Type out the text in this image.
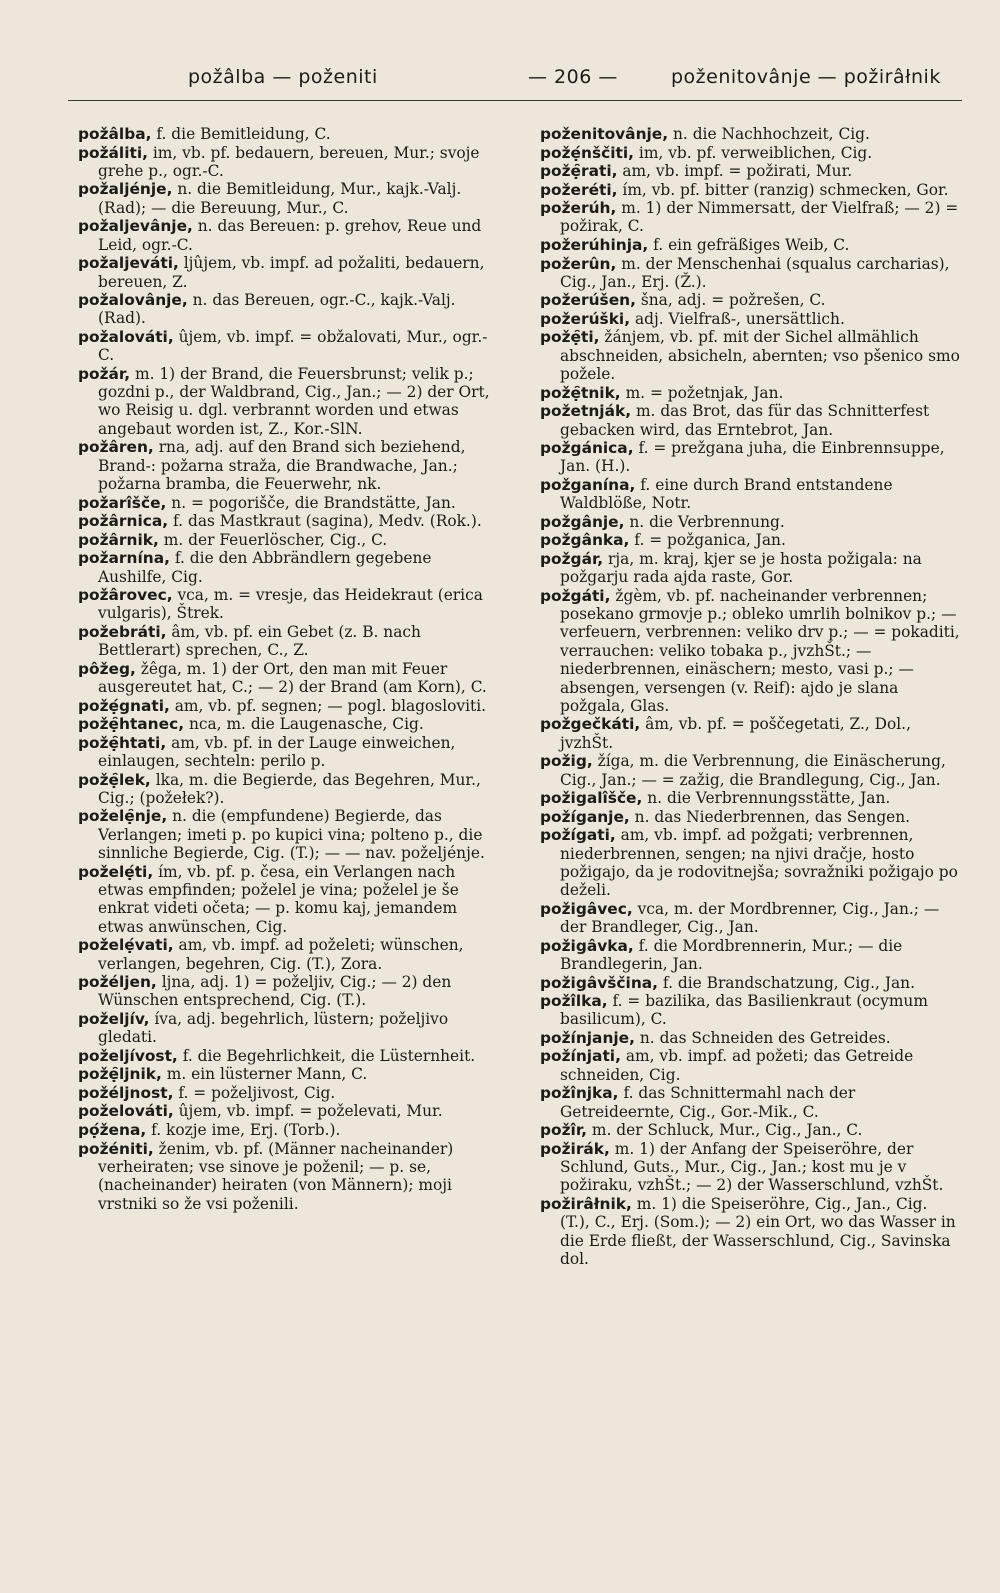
požâlba — poženiti	— 206 —	poženitovânje — požirâłnik

požâlba, f. die Bemitleidung, C.

požáliti, im, vb. pf. bedauern, bereuen, Mur.; svoje grehe p., ogr.-C.

požaljénje, n. die Bemitleidung, Mur., kajk.-Valj.(Rad); — die Bereuung, Mur., C.

požaljevânje, n. das Bereuen: p. grehov, Reue und Leid, ogr.-C.

požaljeváti, ljûjem, vb. impf. ad požaliti, bedauern, bereuen, Z.

požalovânje, n. das Bereuen, ogr.-C., kajk.-Valj. (Rad).

požalováti, ûjem, vb. impf. = obžalovati, Mur., ogr.-C.

požár, m. 1) der Brand, die Feuersbrunst; velik p.; gozdni p., der Waldbrand, Cig., Jan.; — 2) der Ort, wo Reisig u. dgl. verbrannt worden und etwas angebaut worden ist, Z., Kor.-SlN.

požâren, rna, adj. auf den Brand sich beziehend, Brand-: požarna straža, die Brandwache, Jan.; požarna bramba, die Feuerwehr, nk.

požarîšče, n. = pogorišče, die Brandstätte, Jan.

požârnica, f. das Mastkraut (sagina), Medv. (Rok.).

požârnik, m. der Feuerlöscher, Cig., C.

požarnína, f. die den Abbrändlern gegebene Aushilfe, Cig.

požârovec, vca, m. = vresje, das Heidekraut (erica vulgaris), Štrek.

požebráti, âm, vb. pf. ein Gebet (z. B. nach Bettlerart) sprechen, C., Z.

pôžeg, žêga, m. 1) der Ort, den man mit Feuer ausgereutet hat, C.; — 2) der Brand (am Korn), C.

požẹ́gnati, am, vb. pf. segnen; — pogl. blagosloviti.

požẹ̑htanec, nca, m. die Laugenasche, Cig.

požẹ̑htati, am, vb. pf. in der Lauge einweichen, einlaugen, sechteln: perilo p.

požẹ̑lek, lka, m. die Begierde, das Begehren, Mur., Cig.; (požełek?).

poželẹ̑nje, n. die (empfundene) Begierde, das Verlangen; imeti p. po kupici vina; polteno p., die sinnliche Begierde, Cig. (T.); — — nav. poželjénje.

poželẹ́ti, ím, vb. pf. p. česa, ein Verlangen nach etwas empfinden; poželel je vina; poželel je še enkrat videti očeta; — p. komu kaj, jemandem etwas anwünschen, Cig.

poželẹ́vati, am, vb. impf. ad poželeti; wünschen, verlangen, begehren, Cig. (T.), Zora.

požéljen, ljna, adj. 1) = poželjiv, Cig.; — 2) den Wünschen entsprechend, Cig. (T.).

poželjív, íva, adj. begehrlich, lüstern; poželjivo gledati.

poželjívost, f. die Begehrlichkeit, die Lüsternheit.

požẹ̑ljnik, m. ein lüsterner Mann, C.

požéljnost, f. = poželjivost, Cig.

poželováti, ûjem, vb. impf. = poželevati, Mur.

pọ́žena, f. kozje ime, Erj. (Torb.).

požéniti, ženim, vb. pf. (Männer nacheinander) verheiraten; vse sinove je poženil; — p. se, (nacheinander) heiraten (von Männern); moji vrstniki so že vsi poženili.

poženitovânje, n. die Nachhochzeit, Cig.

požẹ́nščiti, im, vb. pf. verweiblichen, Cig.

požẹ̑rati, am, vb. impf. = požirati, Mur.

požeréti, ím, vb. pf. bitter (ranzig) schmecken, Gor.

požerúh, m. 1) der Nimmersatt, der Vielfraß; — 2) = požirak, C.

požerúhinja, f. ein gefräßiges Weib, C.

požerûn, m. der Menschenhai (squalus carcharias), Cig., Jan., Erj. (Ž.).

požerúšen, šna, adj. = požrešen, C.

požerúški, adj. Vielfraß-, unersättlich.

požẹ̑ti, žánjem, vb. pf. mit der Sichel allmählich abschneiden, absicheln, abernten; vso pšenico smo požele.

požẹ̑tnik, m. = požetnjak, Jan.

požetnják, m. das Brot, das für das Schnitterfest gebacken wird, das Erntebrot, Jan.

požgánica, f. = prežgana juha, die Einbrennsuppe, Jan. (H.).

požganína, f. eine durch Brand entstandene Waldblöße, Notr.

požgânje, n. die Verbrennung.

požgânka, f. = požganica, Jan.

požgár, rja, m. kraj, kjer se je hosta požigala: na požgarju rada ajda raste, Gor.

požgáti, žgèm, vb. pf. nacheinander verbrennen; posekano grmovje p.; obleko umrlih bolnikov p.; — verfeuern, verbrennen: veliko drv p.; — = pokaditi, verrauchen: veliko tobaka p., jvzhŠt.; — niederbrennen, einäschern; mesto, vasi p.; — absengen, versengen (v. Reif): ajdo je slana požgala, Glas.

požgečkáti, âm, vb. pf. = poščegetati, Z., Dol., jvzhŠt.

požig, žíga, m. die Verbrennung, die Einäscherung, Cig., Jan.; — = zažig, die Brandlegung, Cig., Jan.

požigalîšče, n. die Verbrennungsstätte, Jan.

požíganje, n. das Niederbrennen, das Sengen.

požígati, am, vb. impf. ad požgati; verbrennen, niederbrennen, sengen; na njivi dračje, hosto požigajo, da je rodovitnejša; sovražniki požigajo po deželi.

požigâvec, vca, m. der Mordbrenner, Cig., Jan.; — der Brandleger, Cig., Jan.

požigâvka, f. die Mordbrennerin, Mur.; — die Brandlegerin, Jan.

požigâvščina, f. die Brandschatzung, Cig., Jan.

požîlka, f. = bazilika, das Basilienkraut (ocymum basilicum), C.

požínjanje, n. das Schneiden des Getreides.

požínjati, am, vb. impf. ad požeti; das Getreide schneiden, Cig.

požînjka, f. das Schnittermahl nach der Getreideernte, Cig., Gor.-Mik., C.

požîr, m. der Schluck, Mur., Cig., Jan., C.

požirák, m. 1) der Anfang der Speiseröhre, der Schlund, Guts., Mur., Cig., Jan.; kost mu je v požiraku, vzhŠt.; — 2) der Wasserschlund, vzhŠt.

požirâłnik, m. 1) die Speiseröhre, Cig., Jan., Cig. (T.), C., Erj. (Som.); — 2) ein Ort, wo das Wasser in die Erde fließt, der Wasserschlund, Cig., Savinska dol.
